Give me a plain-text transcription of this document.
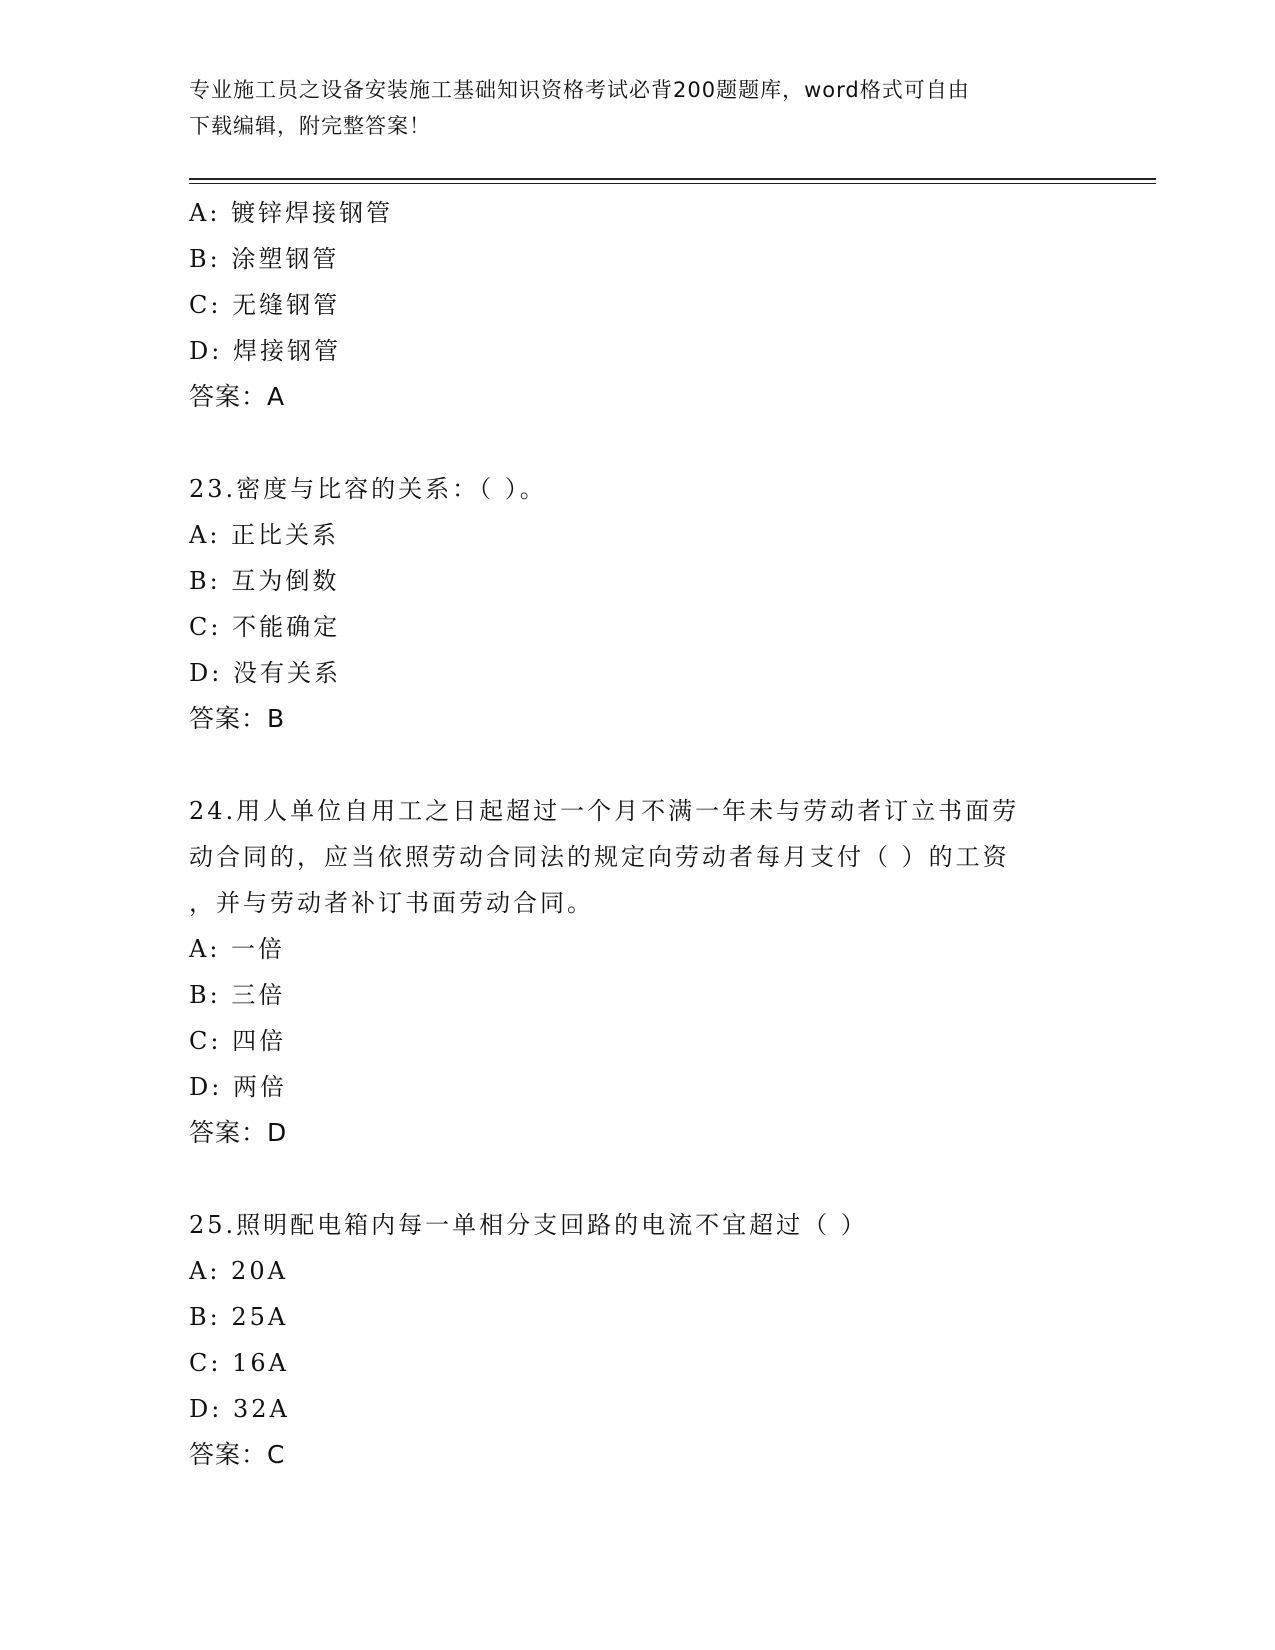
专业施工员之设备安装施工基础知识资格考试必背200题题库，word格式可自由
下载编辑，附完整答案！
A: 镀锌焊接钢管
B: 涂塑钢管
C: 无缝钢管
D: 焊接钢管
答案：A
23.密度与比容的关系：（ ）。
A: 正比关系
B: 互为倒数
C: 不能确定
D: 没有关系
答案：B
24.用人单位自用工之日起超过一个月不满一年未与劳动者订立书面劳
动合同的，应当依照劳动合同法的规定向劳动者每月支付（ ）的工资
，并与劳动者补订书面劳动合同。
A: 一倍
B: 三倍
C: 四倍
D: 两倍
答案：D
25.照明配电箱内每一单相分支回路的电流不宜超过（ ）
A: 20A
B: 25A
C: 16A
D: 32A
答案：C
